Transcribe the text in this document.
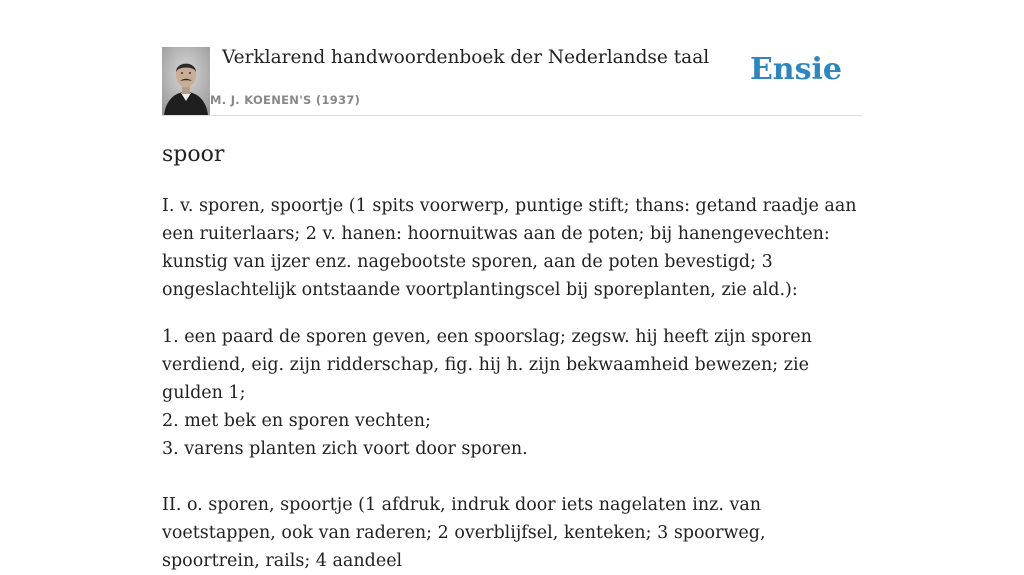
Verklarend handwoordenboek der Nederlandse taal
M. J. KOENEN'S (1937)
Ensie
spoor

I. v. sporen, spoortje (1 spits voorwerp, puntige stift; thans: getand raadje aan een ruiterlaars; 2 v. hanen: hoornuitwas aan de poten; bij hanengevechten: kunstig van ijzer enz. nagebootste sporen, aan de poten bevestigd; 3 ongeslachtelijk ontstaande voortplantingscel bij sporeplanten, zie ald.):

1. een paard de sporen geven, een spoorslag; zegsw. hij heeft zijn sporen verdiend, eig. zijn ridderschap, fig. hij h. zijn bekwaamheid bewezen; zie gulden 1;
2. met bek en sporen vechten;
3. varens planten zich voort door sporen.

II. o. sporen, spoortje (1 afdruk, indruk door iets nagelaten inz. van voetstappen, ook van raderen; 2 overblijfsel, kenteken; 3 spoorweg, spoortrein, rails; 4 aandeel
